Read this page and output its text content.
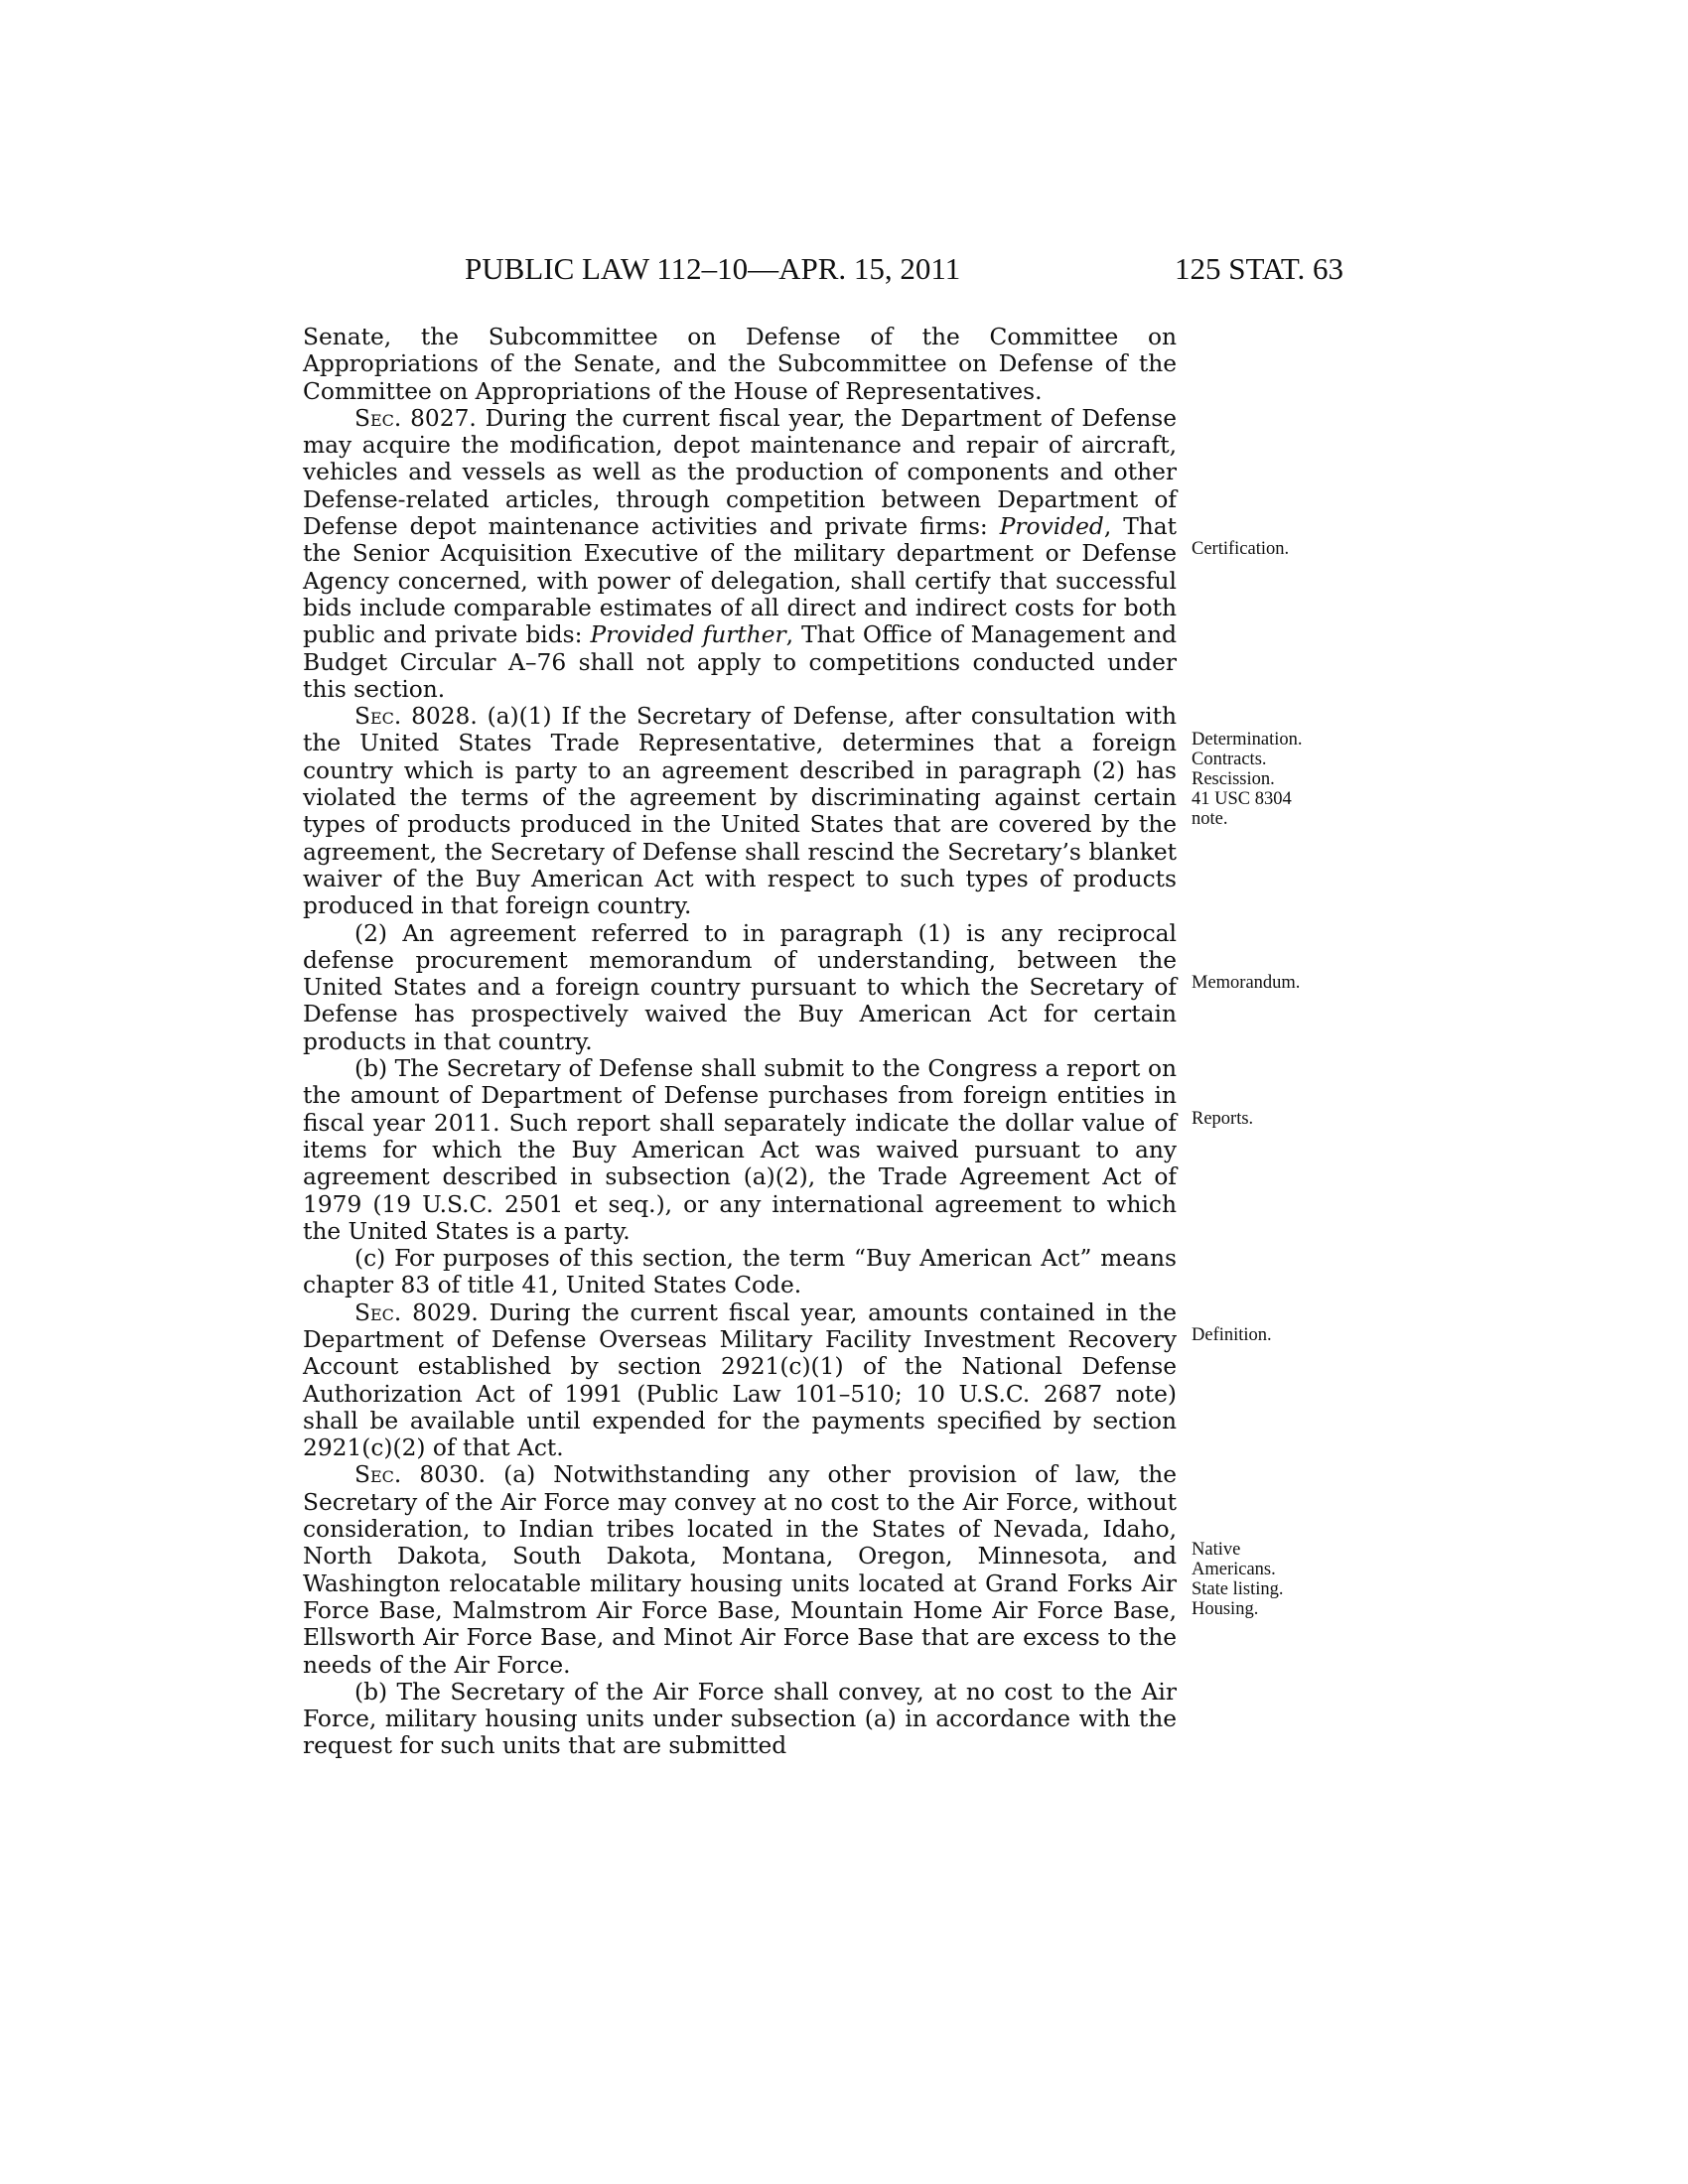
PUBLIC LAW 112–10—APR. 15, 2011	125 STAT. 63

Senate, the Subcommittee on Defense of the Committee on Appropriations of the Senate, and the Subcommittee on Defense of the Committee on Appropriations of the House of Representatives.

Sec. 8027. During the current fiscal year, the Department of Defense may acquire the modification, depot maintenance and repair of aircraft, vehicles and vessels as well as the production of components and other Defense-related articles, through competition between Department of Defense depot maintenance activities and private firms: Provided, That the Senior Acquisition Executive of the military department or Defense Agency concerned, with power of delegation, shall certify that successful bids include comparable estimates of all direct and indirect costs for both public and private bids: Provided further, That Office of Management and Budget Circular A–76 shall not apply to competitions conducted under this section.

Sec. 8028. (a)(1) If the Secretary of Defense, after consultation with the United States Trade Representative, determines that a foreign country which is party to an agreement described in paragraph (2) has violated the terms of the agreement by discriminating against certain types of products produced in the United States that are covered by the agreement, the Secretary of Defense shall rescind the Secretary’s blanket waiver of the Buy American Act with respect to such types of products produced in that foreign country.

(2) An agreement referred to in paragraph (1) is any reciprocal defense procurement memorandum of understanding, between the United States and a foreign country pursuant to which the Secretary of Defense has prospectively waived the Buy American Act for certain products in that country.

(b) The Secretary of Defense shall submit to the Congress a report on the amount of Department of Defense purchases from foreign entities in fiscal year 2011. Such report shall separately indicate the dollar value of items for which the Buy American Act was waived pursuant to any agreement described in subsection (a)(2), the Trade Agreement Act of 1979 (19 U.S.C. 2501 et seq.), or any international agreement to which the United States is a party.

(c) For purposes of this section, the term “Buy American Act” means chapter 83 of title 41, United States Code.

Sec. 8029. During the current fiscal year, amounts contained in the Department of Defense Overseas Military Facility Investment Recovery Account established by section 2921(c)(1) of the National Defense Authorization Act of 1991 (Public Law 101–510; 10 U.S.C. 2687 note) shall be available until expended for the payments specified by section 2921(c)(2) of that Act.

Sec. 8030. (a) Notwithstanding any other provision of law, the Secretary of the Air Force may convey at no cost to the Air Force, without consideration, to Indian tribes located in the States of Nevada, Idaho, North Dakota, South Dakota, Montana, Oregon, Minnesota, and Washington relocatable military housing units located at Grand Forks Air Force Base, Malmstrom Air Force Base, Mountain Home Air Force Base, Ellsworth Air Force Base, and Minot Air Force Base that are excess to the needs of the Air Force.

(b) The Secretary of the Air Force shall convey, at no cost to the Air Force, military housing units under subsection (a) in accordance with the request for such units that are submitted

Certification.
Determination.
Contracts.
Rescission.
41 USC 8304
note.
Memorandum.
Reports.
Definition.
Native
Americans.
State listing.
Housing.
